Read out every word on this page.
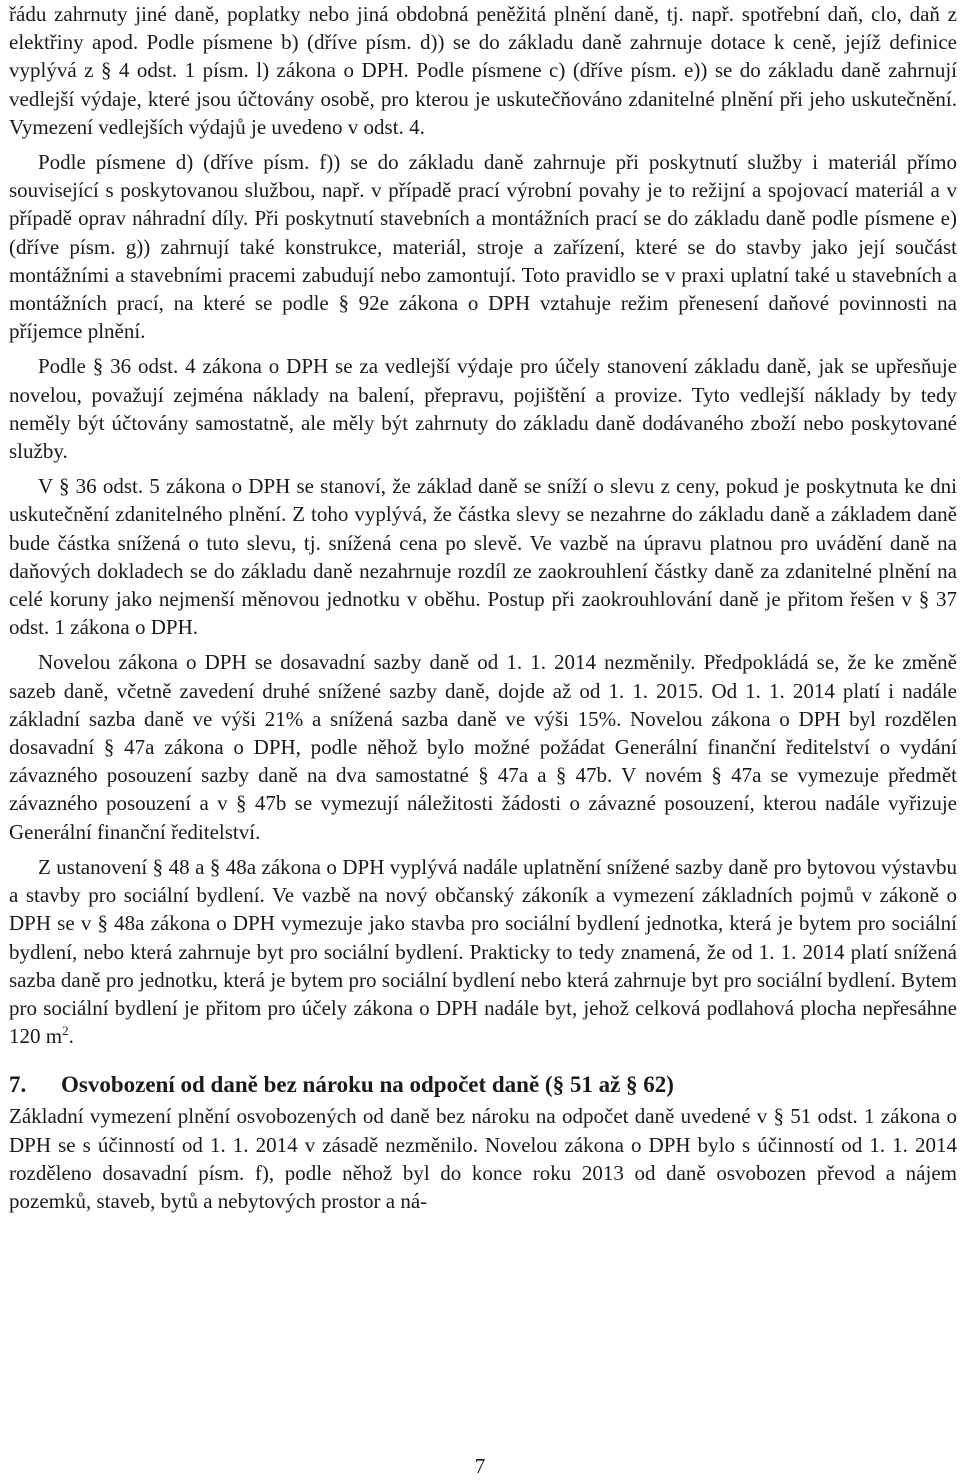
řádu zahrnuty jiné daně, poplatky nebo jiná obdobná peněžitá plnění daně, tj. např. spotřební daň, clo, daň z elektřiny apod. Podle písmene b) (dříve písm. d)) se do základu daně zahrnuje dotace k ceně, jejíž definice vyplývá z § 4 odst. 1 písm. l) zákona o DPH. Podle písmene c) (dříve písm. e)) se do základu daně zahrnují vedlejší výdaje, které jsou účtovány osobě, pro kterou je uskutečňováno zdanitelné plnění při jeho uskutečnění. Vymezení vedlejších výdajů je uvedeno v odst. 4.

Podle písmene d) (dříve písm. f)) se do základu daně zahrnuje při poskytnutí služby i materiál přímo související s poskytovanou službou, např. v případě prací výrobní povahy je to režijní a spojovací materiál a v případě oprav náhradní díly. Při poskytnutí stavebních a montážních prací se do základu daně podle písmene e) (dříve písm. g)) zahrnují také konstrukce, materiál, stroje a zařízení, které se do stavby jako její součást montážními a stavebními pracemi zabudují nebo zamontují. Toto pravidlo se v praxi uplatní také u stavebních a montážních prací, na které se podle § 92e zákona o DPH vztahuje režim přenesení daňové povinnosti na příjemce plnění.

Podle § 36 odst. 4 zákona o DPH se za vedlejší výdaje pro účely stanovení základu daně, jak se upřesňuje novelou, považují zejména náklady na balení, přepravu, pojištění a provize. Tyto vedlejší náklady by tedy neměly být účtovány samostatně, ale měly být zahrnuty do základu daně dodávaného zboží nebo poskytované služby.

V § 36 odst. 5 zákona o DPH se stanoví, že základ daně se sníží o slevu z ceny, pokud je poskytnuta ke dni uskutečnění zdanitelného plnění. Z toho vyplývá, že částka slevy se nezahrne do základu daně a základem daně bude částka snížená o tuto slevu, tj. snížená cena po slevě. Ve vazbě na úpravu platnou pro uvádění daně na daňových dokladech se do základu daně nezahrnuje rozdíl ze zaokrouhlení částky daně za zdanitelné plnění na celé koruny jako nejmenší měnovou jednotku v oběhu. Postup při zaokrouhlování daně je přitom řešen v § 37 odst. 1 zákona o DPH.

Novelou zákona o DPH se dosavadní sazby daně od 1. 1. 2014 nezměnily. Předpokládá se, že ke změně sazeb daně, včetně zavedení druhé snížené sazby daně, dojde až od 1. 1. 2015. Od 1. 1. 2014 platí i nadále základní sazba daně ve výši 21% a snížená sazba daně ve výši 15%. Novelou zákona o DPH byl rozdělen dosavadní § 47a zákona o DPH, podle něhož bylo možné požádat Generální finanční ředitelství o vydání závazného posouzení sazby daně na dva samostatné § 47a a § 47b. V novém § 47a se vymezuje předmět závazného posouzení a v § 47b se vymezují náležitosti žádosti o závazné posouzení, kterou nadále vyřizuje Generální finanční ředitelství.

Z ustanovení § 48 a § 48a zákona o DPH vyplývá nadále uplatnění snížené sazby daně pro bytovou výstavbu a stavby pro sociální bydlení. Ve vazbě na nový občanský zákoník a vymezení základních pojmů v zákoně o DPH se v § 48a zákona o DPH vymezuje jako stavba pro sociální bydlení jednotka, která je bytem pro sociální bydlení, nebo která zahrnuje byt pro sociální bydlení. Prakticky to tedy znamená, že od 1. 1. 2014 platí snížená sazba daně pro jednotku, která je bytem pro sociální bydlení nebo která zahrnuje byt pro sociální bydlení. Bytem pro sociální bydlení je přitom pro účely zákona o DPH nadále byt, jehož celková podlahová plocha nepřesáhne 120 $m^2$.

7. Osvobození od daně bez nároku na odpočet daně (§ 51 až § 62)

Základní vymezení plnění osvobozených od daně bez nároku na odpočet daně uvedené v § 51 odst. 1 zákona o DPH se s účinností od 1. 1. 2014 v zásadě nezměnilo. Novelou zákona o DPH bylo s účinností od 1. 1. 2014 rozděleno dosavadní písm. f), podle něhož byl do konce roku 2013 od daně osvobozen převod a nájem pozemků, staveb, bytů a nebytových prostor a ná-

7
